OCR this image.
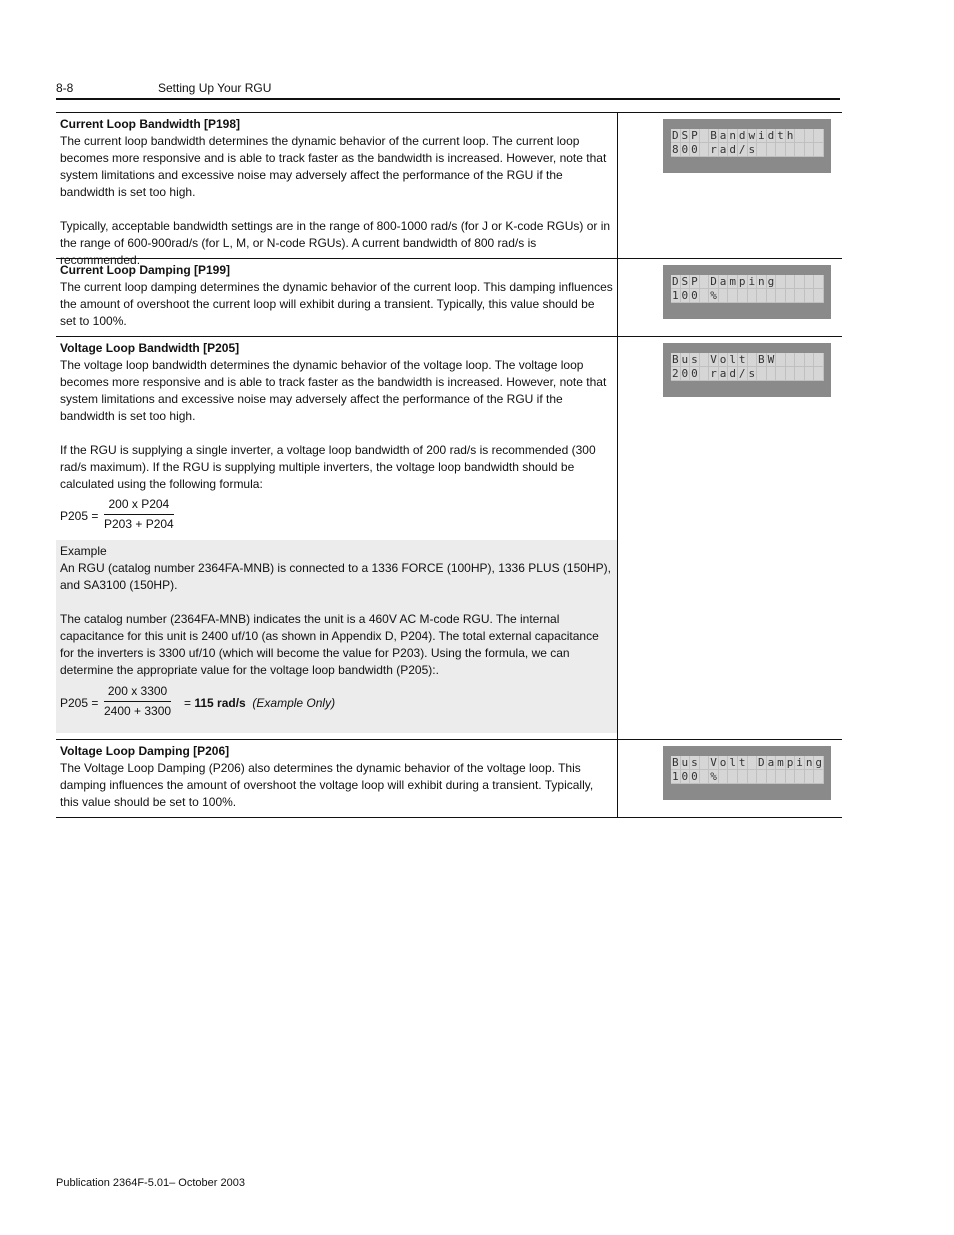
8-8	Setting Up Your RGU
Current Loop Bandwidth [P198]

The current loop bandwidth determines the dynamic behavior of the current loop. The current loop becomes more responsive and is able to track faster as the bandwidth is increased. However, note that system limitations and excessive noise may adversely affect the performance of the RGU if the bandwidth is set too high.

Typically, acceptable bandwidth settings are in the range of 800-1000 rad/s (for J or K-code RGUs) or in the range of 600-900rad/s (for L, M, or N-code RGUs). A current bandwidth of 800 rad/s is recommended.

D S P
B a n d w i d t h

8 0 0
r a d / s

Current Loop Damping [P199]

The current loop damping determines the dynamic behavior of the current loop. This damping influences the amount of overshoot the current loop will exhibit during a transient. Typically, this value should be set to 100%.

D S P
D a m p i n g

1 0 0
%

Voltage Loop Bandwidth [P205]

The voltage loop bandwidth determines the dynamic behavior of the voltage loop. The voltage loop becomes more responsive and is able to track faster as the bandwidth is increased. However, note that system limitations and excessive noise may adversely affect the performance of the RGU if the bandwidth is set too high.

If the RGU is supplying a single inverter, a voltage loop bandwidth of 200 rad/s is recommended (300 rad/s maximum). If the RGU is supplying multiple inverters, the voltage loop bandwidth should be calculated using the following formula:

$P205 = \frac{\text{200 x P204}}{P203 + P204}$
Example

An RGU (catalog number 2364FA-MNB) is connected to a 1336 FORCE (100HP), 1336 PLUS (150HP), and SA3100 (150HP).

The catalog number (2364FA-MNB) indicates the unit is a 460V AC M-code RGU. The internal capacitance for this unit is 2400 uf/10 (as shown in Appendix D, P204). The total external capacitance for the inverters is 3300 uf/10 (which will become the value for P203). Using the formula, we can determine the appropriate value for the voltage loop bandwidth (P205):.

$P205 = \frac{200 x 3300}{2400 + 3300} = 115$ rad/s (Example Only)
B u s
V o l t
B W

2 0 0
r a d / s

Voltage Loop Damping [P206]

The Voltage Loop Damping (P206) also determines the dynamic behavior of the voltage loop. This damping influences the amount of overshoot the voltage loop will exhibit during a transient. Typically, this value should be set to 100%.

B u s
V o l t
D a m p i n g
1 0 0
%

Publication 2364F-5.01– October 2003
